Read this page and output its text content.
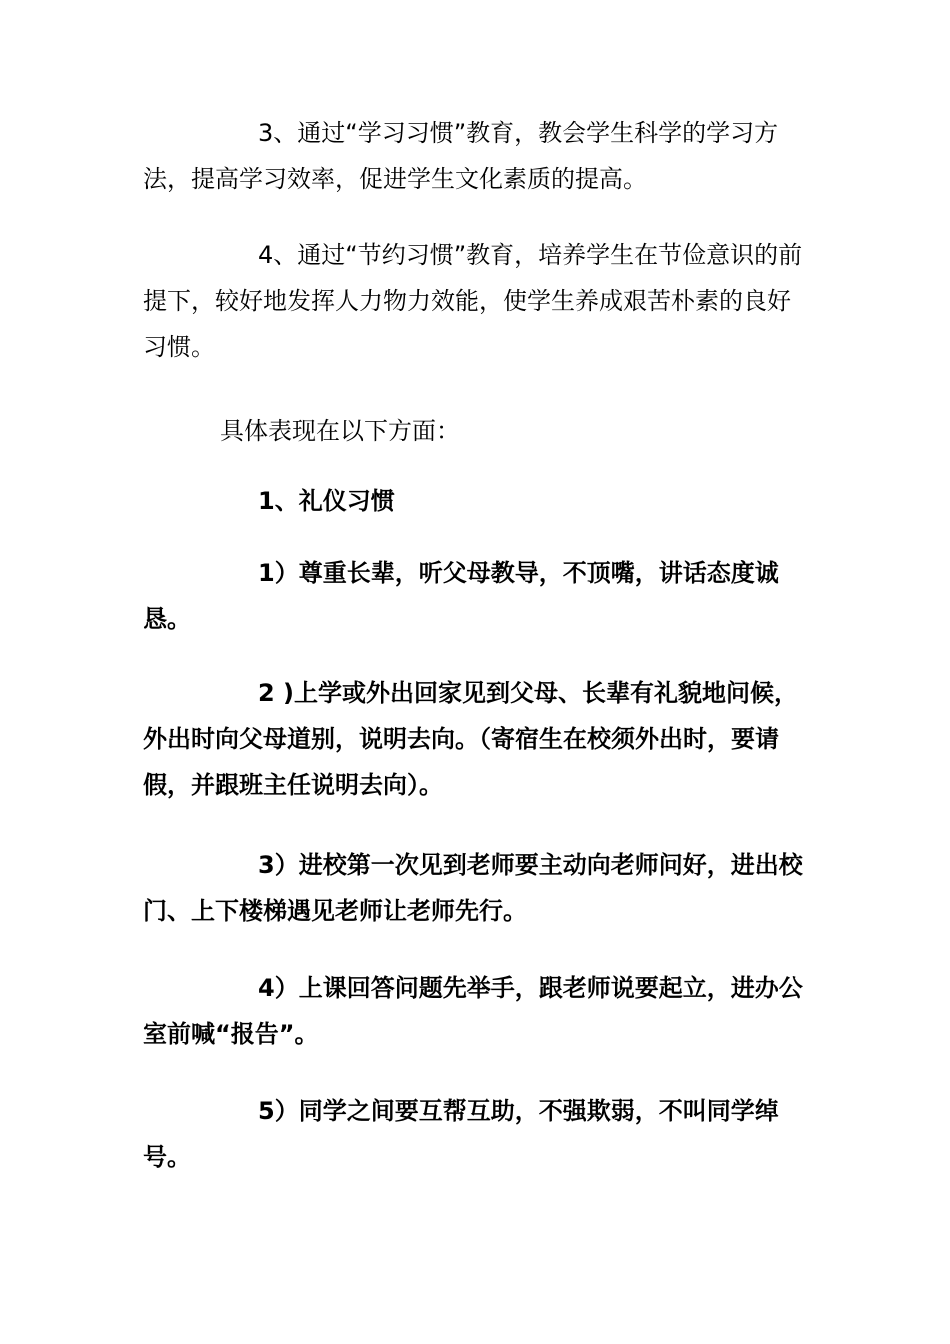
3、通过“学习习惯”教育，教会学生科学的学习方法，提高学习效率，促进学生文化素质的提高。

4、通过“节约习惯”教育，培养学生在节俭意识的前提下，较好地发挥人力物力效能，使学生养成艰苦朴素的良好习惯。

具体表现在以下方面：

1、礼仪习惯

1）尊重长辈，听父母教导，不顶嘴，讲话态度诚恳。

2 )上学或外出回家见到父母、长辈有礼貌地问候，外出时向父母道别，说明去向。（寄宿生在校须外出时，要请假，并跟班主任说明去向）。

3）进校第一次见到老师要主动向老师问好，进出校门、上下楼梯遇见老师让老师先行。

4）上课回答问题先举手，跟老师说要起立，进办公室前喊“报告”。

5）同学之间要互帮互助，不强欺弱，不叫同学绰号。
